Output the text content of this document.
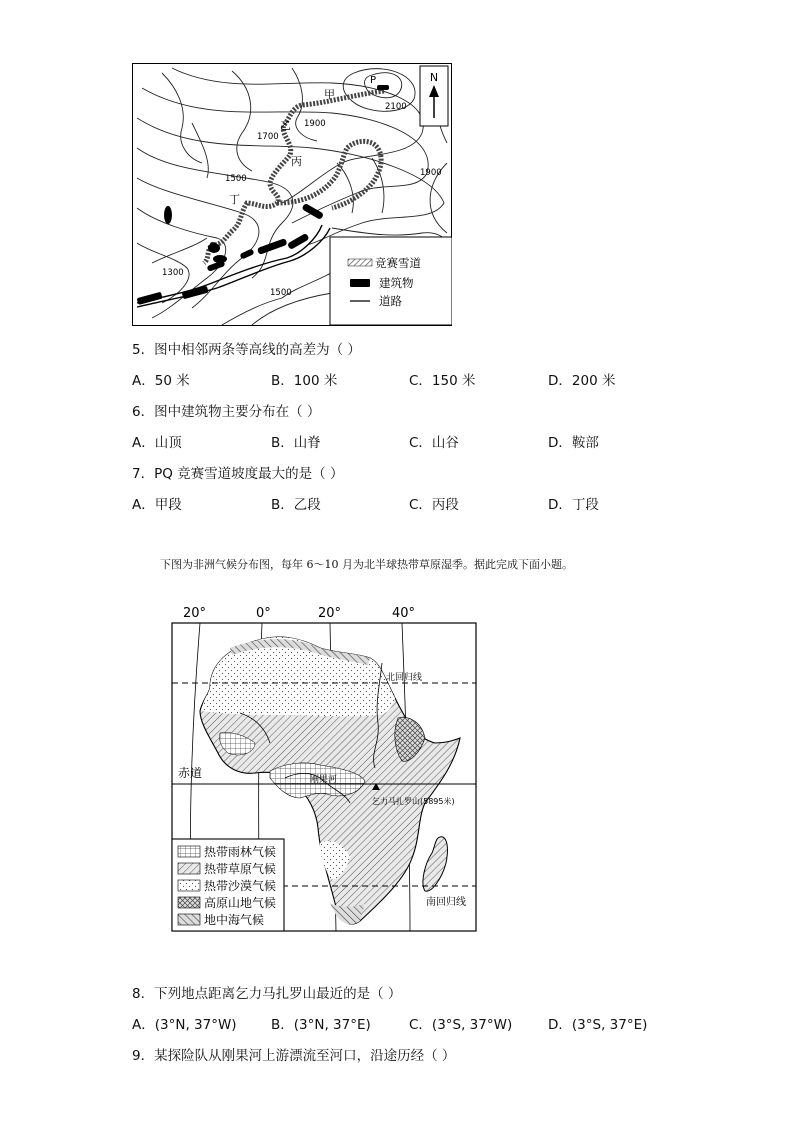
N
甲
乙
丙
丁
P
Q
2100
1900
1700
1900
1500
1300
1500
竞赛雪道
建筑物
道路
5．图中相邻两条等高线的高差为（ ）
A．50 米	B．100 米	C．150 米	D．200 米
6．图中建筑物主要分布在（ ）
A．山顶	B．山脊	C．山谷	D．鞍部
7．PQ 竞赛雪道坡度最大的是（ ）
A．甲段	B．乙段	C．丙段	D．丁段
下图为非洲气候分布图，每年 6～10 月为北半球热带草原湿季。据此完成下面小题。
20°	0°	20°	40°
北回归线
赤道
南回归线
刚果河
乞力马扎罗山(5895米)
热带雨林气候
热带草原气候
热带沙漠气候
高原山地气候
地中海气候
8．下列地点距离乞力马扎罗山最近的是（ ）
A．(3°N, 37°W)	B．(3°N, 37°E)	C．(3°S, 37°W)	D．(3°S, 37°E)
9．某探险队从刚果河上游漂流至河口，沿途历经（ ）
